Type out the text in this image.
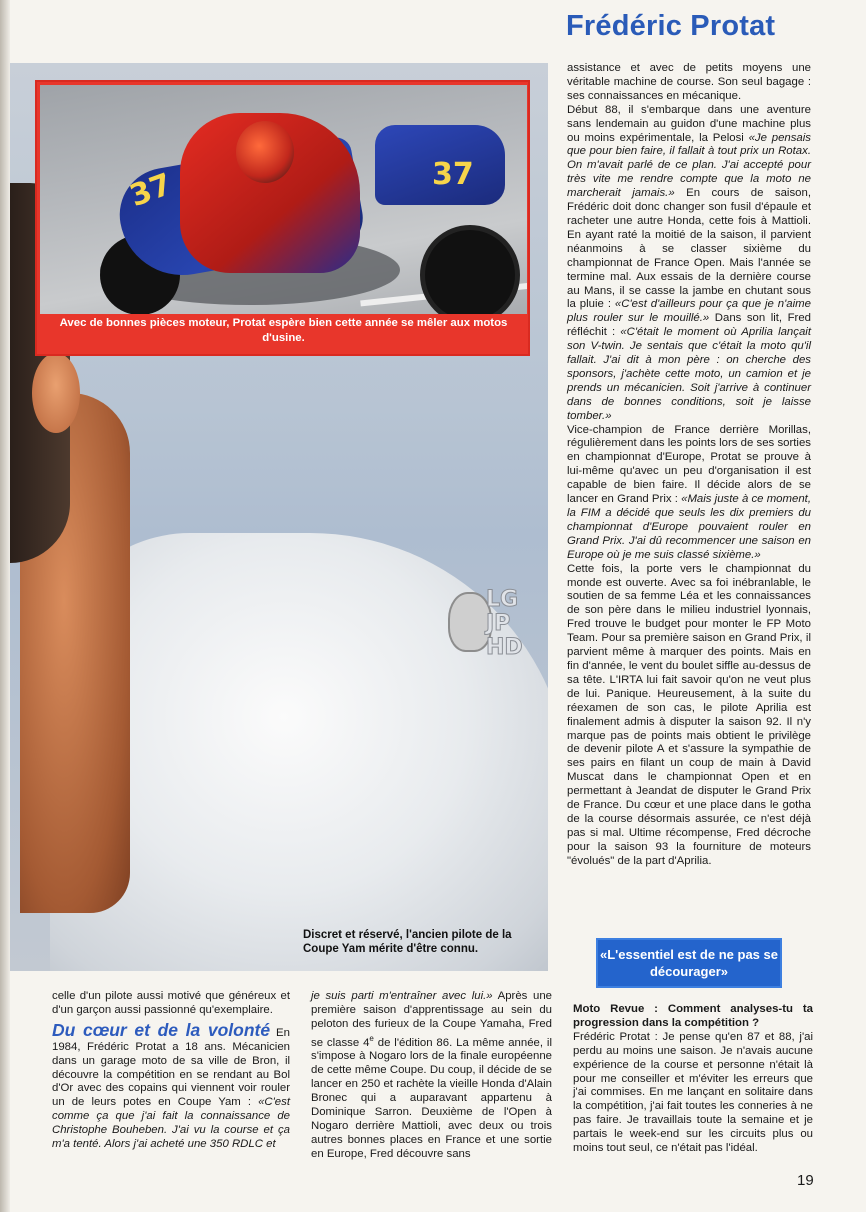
Frédéric Protat
LG
JP
HD
37	37
Avec de bonnes pièces moteur, Protat espère bien cette année se mêler aux motos d'usine.
Discret et réservé, l'ancien pilote de la Coupe Yam mérite d'être connu.

assistance et avec de petits moyens une véritable machine de course. Son seul bagage : ses connaissances en mécanique.

Début 88, il s'embarque dans une aventure sans lendemain au guidon d'une machine plus ou moins expérimentale, la Pelosi «Je pensais que pour bien faire, il fallait à tout prix un Rotax. On m'avait parlé de ce plan. J'ai accepté pour très vite me rendre compte que la moto ne marcherait jamais.» En cours de saison, Frédéric doit donc changer son fusil d'épaule et racheter une autre Honda, cette fois à Mattioli. En ayant raté la moitié de la saison, il parvient néanmoins à se classer sixième du championnat de France Open. Mais l'année se termine mal. Aux essais de la dernière course au Mans, il se casse la jambe en chutant sous la pluie : «C'est d'ailleurs pour ça que je n'aime plus rouler sur le mouillé.» Dans son lit, Fred réfléchit : «C'était le moment où Aprilia lançait son V-twin. Je sentais que c'était la moto qu'il fallait. J'ai dit à mon père : on cherche des sponsors, j'achète cette moto, un camion et je prends un mécanicien. Soit j'arrive à continuer dans de bonnes conditions, soit je laisse tomber.»

Vice-champion de France derrière Morillas, régulièrement dans les points lors de ses sorties en championnat d'Europe, Protat se prouve à lui-même qu'avec un peu d'organisation il est capable de bien faire. Il décide alors de se lancer en Grand Prix : «Mais juste à ce moment, la FIM a décidé que seuls les dix premiers du championnat d'Europe pouvaient rouler en Grand Prix. J'ai dû recommencer une saison en Europe où je me suis classé sixième.»

Cette fois, la porte vers le championnat du monde est ouverte. Avec sa foi inébranlable, le soutien de sa femme Léa et les connaissances de son père dans le milieu industriel lyonnais, Fred trouve le budget pour monter le FP Moto Team. Pour sa première saison en Grand Prix, il parvient même à marquer des points. Mais en fin d'année, le vent du boulet siffle au-dessus de sa tête. L'IRTA lui fait savoir qu'on ne veut plus de lui. Panique. Heureusement, à la suite du réexamen de son cas, le pilote Aprilia est finalement admis à disputer la saison 92. Il n'y marque pas de points mais obtient le privilège de devenir pilote A et s'assure la sympathie de ses pairs en filant un coup de main à David Muscat dans le championnat Open et en permettant à Jeandat de disputer le Grand Prix de France. Du cœur et une place dans le gotha de la course désormais assurée, ce n'est déjà pas si mal. Ultime récompense, Fred décroche pour la saison 93 la fourniture de moteurs "évolués" de la part d'Aprilia.

«L'essentiel est de ne pas se décourager»
Moto Revue : Comment analyses-tu ta progression dans la compétition ?
Frédéric Protat : Je pense qu'en 87 et 88, j'ai perdu au moins une saison. Je n'avais aucune expérience de la course et personne n'était là pour me conseiller et m'éviter les erreurs que j'ai commises. En me lançant en solitaire dans la compétition, j'ai fait toutes les conneries à ne pas faire. Je travaillais toute la semaine et je partais le week-end sur les circuits plus ou moins tout seul, ce n'était pas l'idéal.
celle d'un pilote aussi motivé que généreux et d'un garçon aussi passionné qu'exemplaire.
Du cœur et de la volonté En 1984, Frédéric Protat a 18 ans. Mécanicien dans un garage moto de sa ville de Bron, il découvre la compétition en se rendant au Bol d'Or avec des copains qui viennent voir rouler un de leurs potes en Coupe Yam : «C'est comme ça que j'ai fait la connaissance de Christophe Bouheben. J'ai vu la course et ça m'a tenté. Alors j'ai acheté une 350 RDLC et
je suis parti m'entraîner avec lui.» Après une première saison d'apprentissage au sein du peloton des furieux de la Coupe Yamaha, Fred se classe 4e de l'édition 86. La même année, il s'impose à Nogaro lors de la finale européenne de cette même Coupe. Du coup, il décide de se lancer en 250 et rachète la vieille Honda d'Alain Bronec qui a auparavant appartenu à Dominique Sarron. Deuxième de l'Open à Nogaro derrière Mattioli, avec deux ou trois autres bonnes places en France et une sortie en Europe, Fred découvre sans
19
